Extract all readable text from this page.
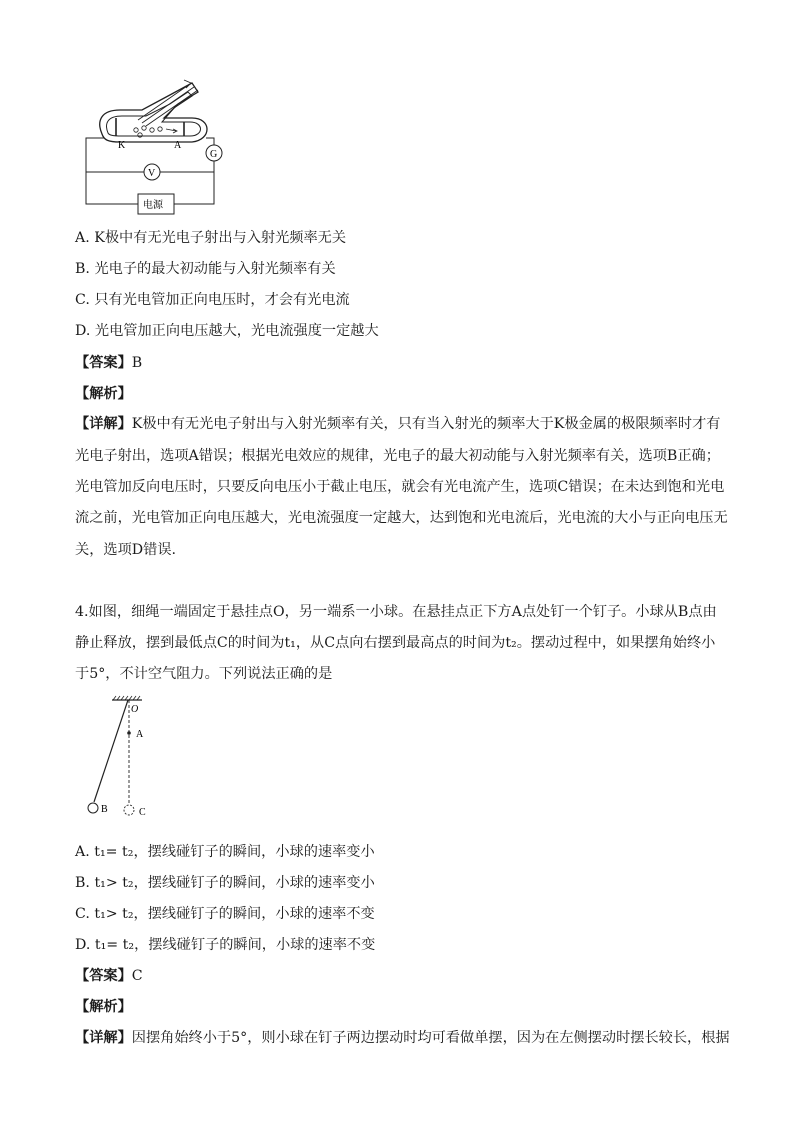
K	A
G
V
电源
A. K极中有无光电子射出与入射光频率无关
B. 光电子的最大初动能与入射光频率有关
C. 只有光电管加正向电压时，才会有光电流
D. 光电管加正向电压越大，光电流强度一定越大
【答案】B
【解析】
【详解】K极中有无光电子射出与入射光频率有关，只有当入射光的频率大于K极金属的极限频率时才有
光电子射出，选项A错误；根据光电效应的规律，光电子的最大初动能与入射光频率有关，选项B正确；
光电管加反向电压时，只要反向电压小于截止电压，就会有光电流产生，选项C错误；在未达到饱和光电
流之前，光电管加正向电压越大，光电流强度一定越大，达到饱和光电流后，光电流的大小与正向电压无
关，选项D错误.
4.如图，细绳一端固定于悬挂点O，另一端系一小球。在悬挂点正下方A点处钉一个钉子。小球从B点由
静止释放，摆到最低点C的时间为t₁，从C点向右摆到最高点的时间为t₂。摆动过程中，如果摆角始终小
于5°，不计空气阻力。下列说法正确的是
O
A
B	C
A. t₁= t₂，摆线碰钉子的瞬间，小球的速率变小
B. t₁> t₂，摆线碰钉子的瞬间，小球的速率变小
C. t₁> t₂，摆线碰钉子的瞬间，小球的速率不变
D. t₁= t₂，摆线碰钉子的瞬间，小球的速率不变
【答案】C
【解析】
【详解】因摆角始终小于5°，则小球在钉子两边摆动时均可看做单摆，因为在左侧摆动时摆长较长，根据
